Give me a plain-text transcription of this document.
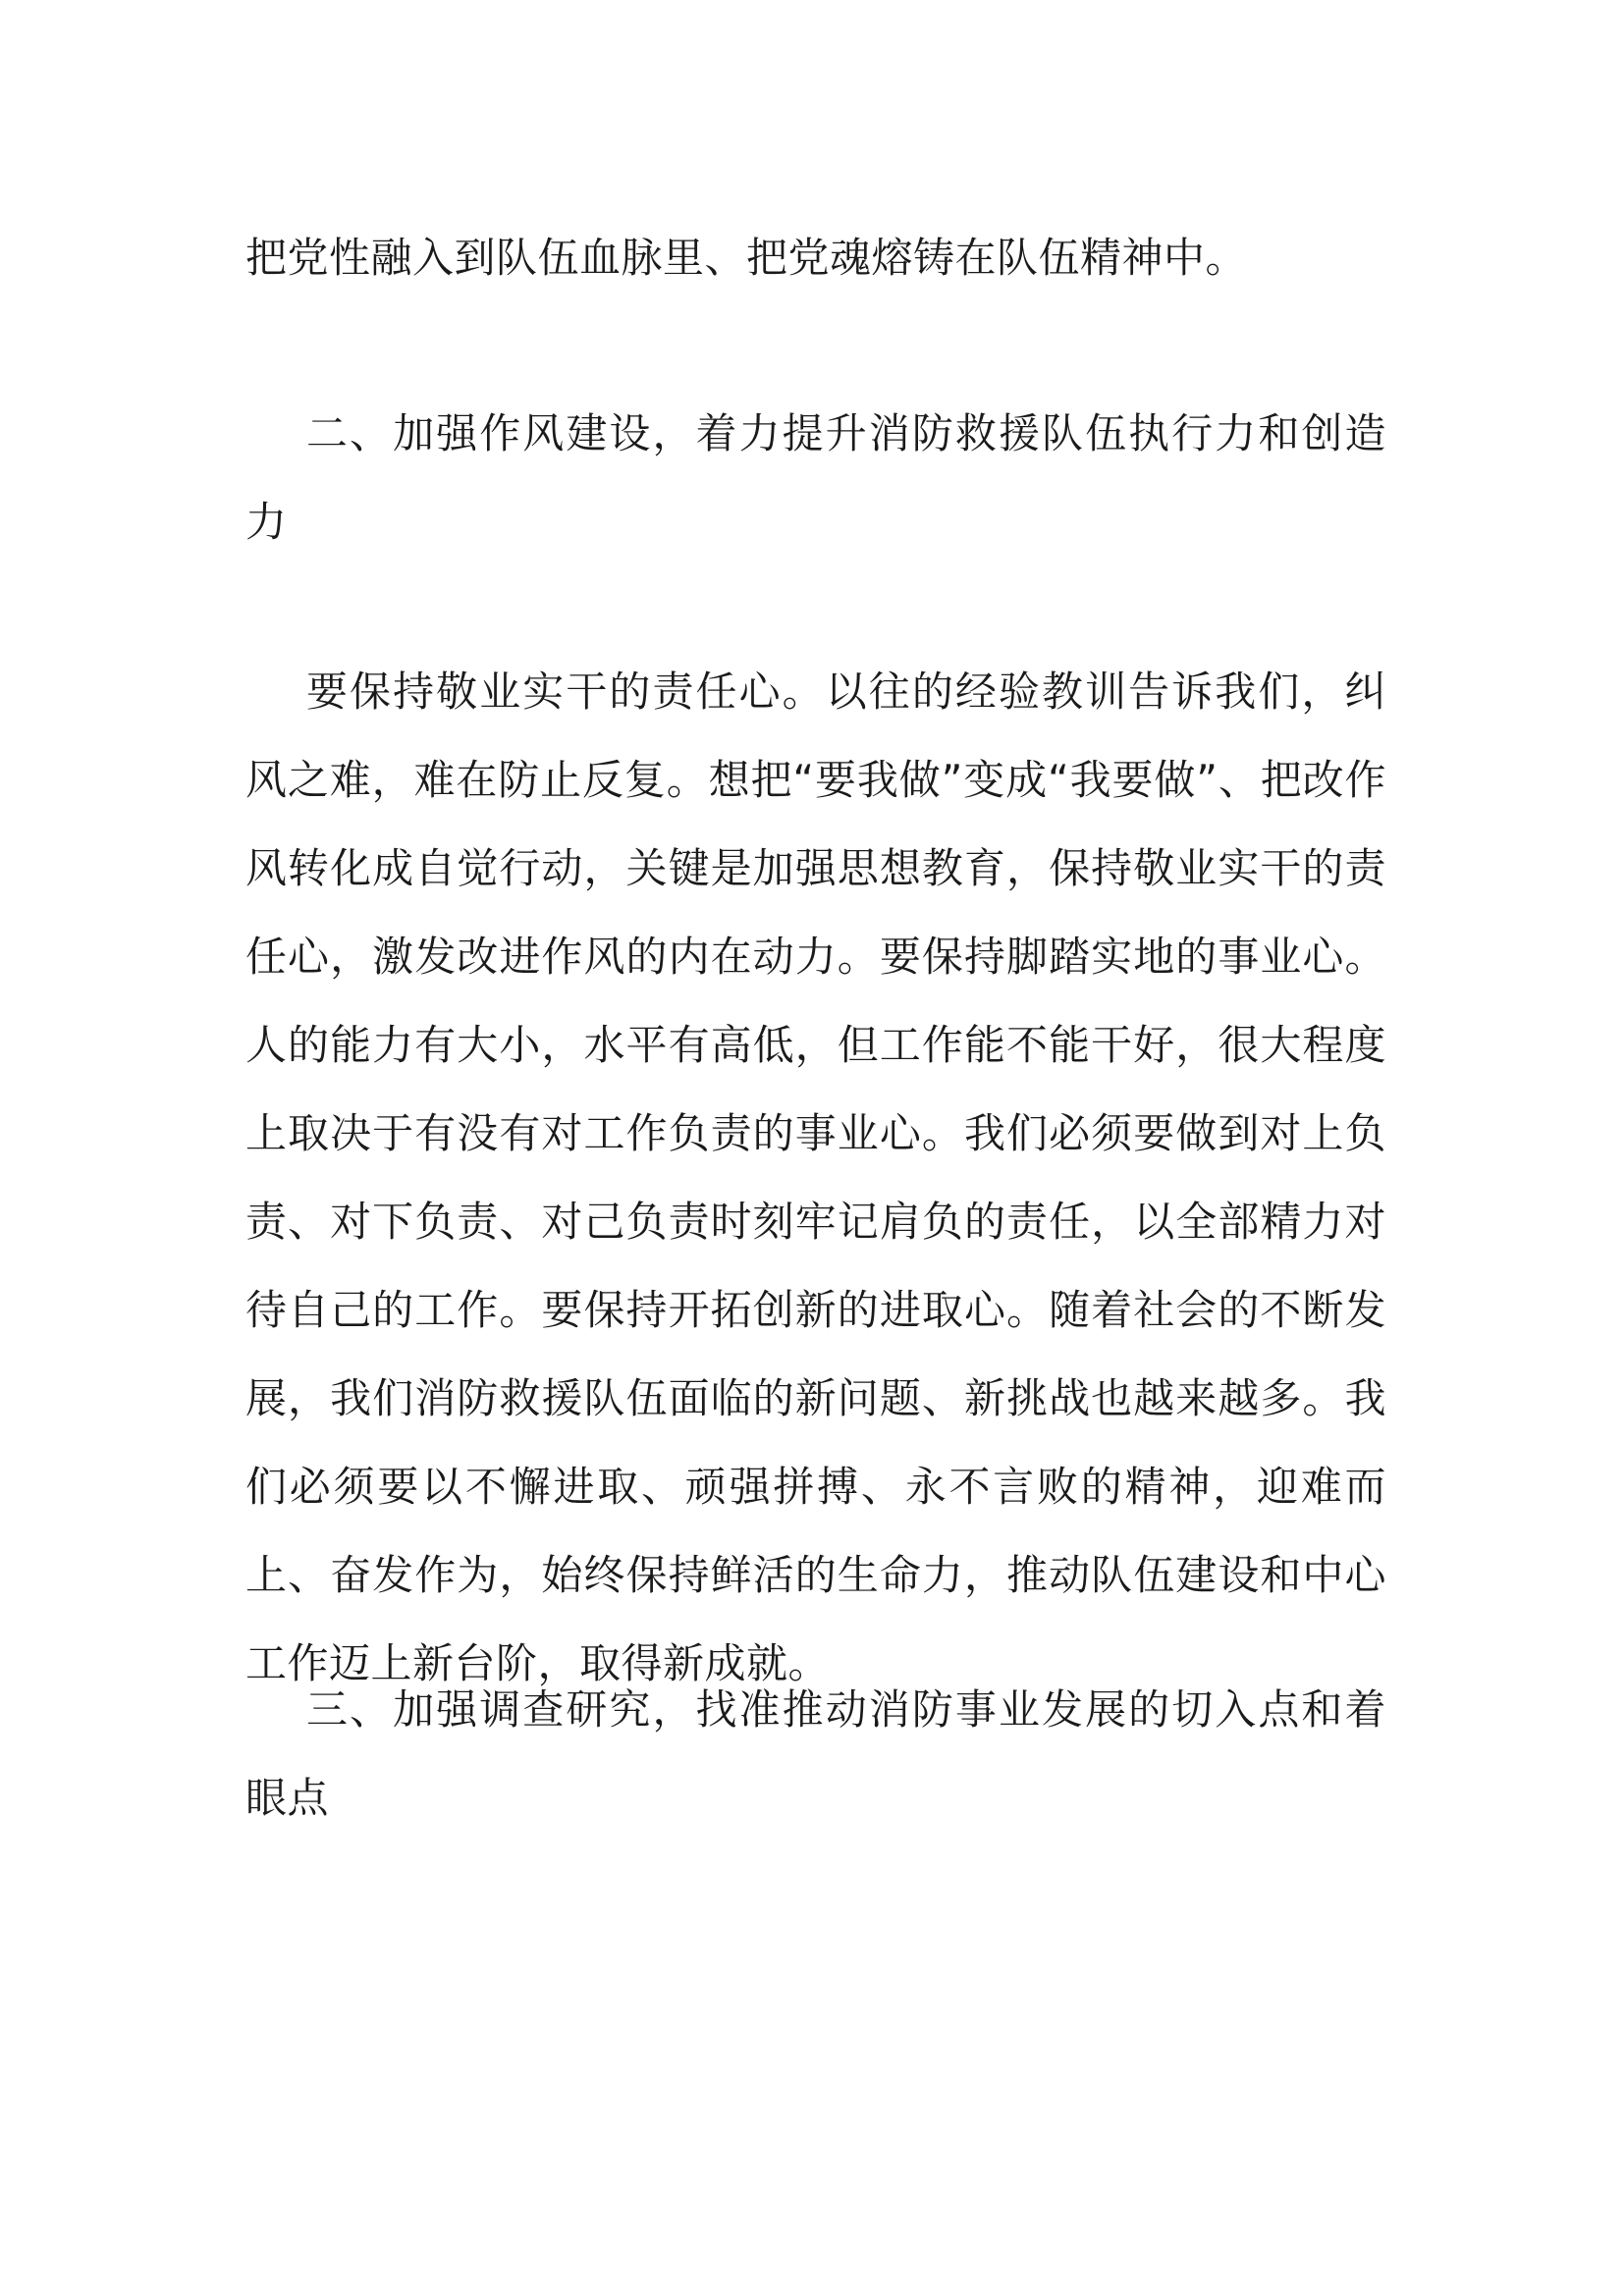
把党性融入到队伍血脉里、把党魂熔铸在队伍精神中。

二、加强作风建设，着力提升消防救援队伍执行力和创造力

要保持敬业实干的责任心。以往的经验教训告诉我们，纠风之难，难在防止反复。想把“要我做”变成“我要做”、把改作风转化成自觉行动，关键是加强思想教育，保持敬业实干的责任心，激发改进作风的内在动力。要保持脚踏实地的事业心。人的能力有大小，水平有高低，但工作能不能干好，很大程度上取决于有没有对工作负责的事业心。我们必须要做到对上负责、对下负责、对己负责时刻牢记肩负的责任，以全部精力对待自己的工作。要保持开拓创新的进取心。随着社会的不断发展，我们消防救援队伍面临的新问题、新挑战也越来越多。我们必须要以不懈进取、顽强拼搏、永不言败的精神，迎难而上、奋发作为，始终保持鲜活的生命力，推动队伍建设和中心工作迈上新台阶，取得新成就。

三、加强调查研究，找准推动消防事业发展的切入点和着眼点
